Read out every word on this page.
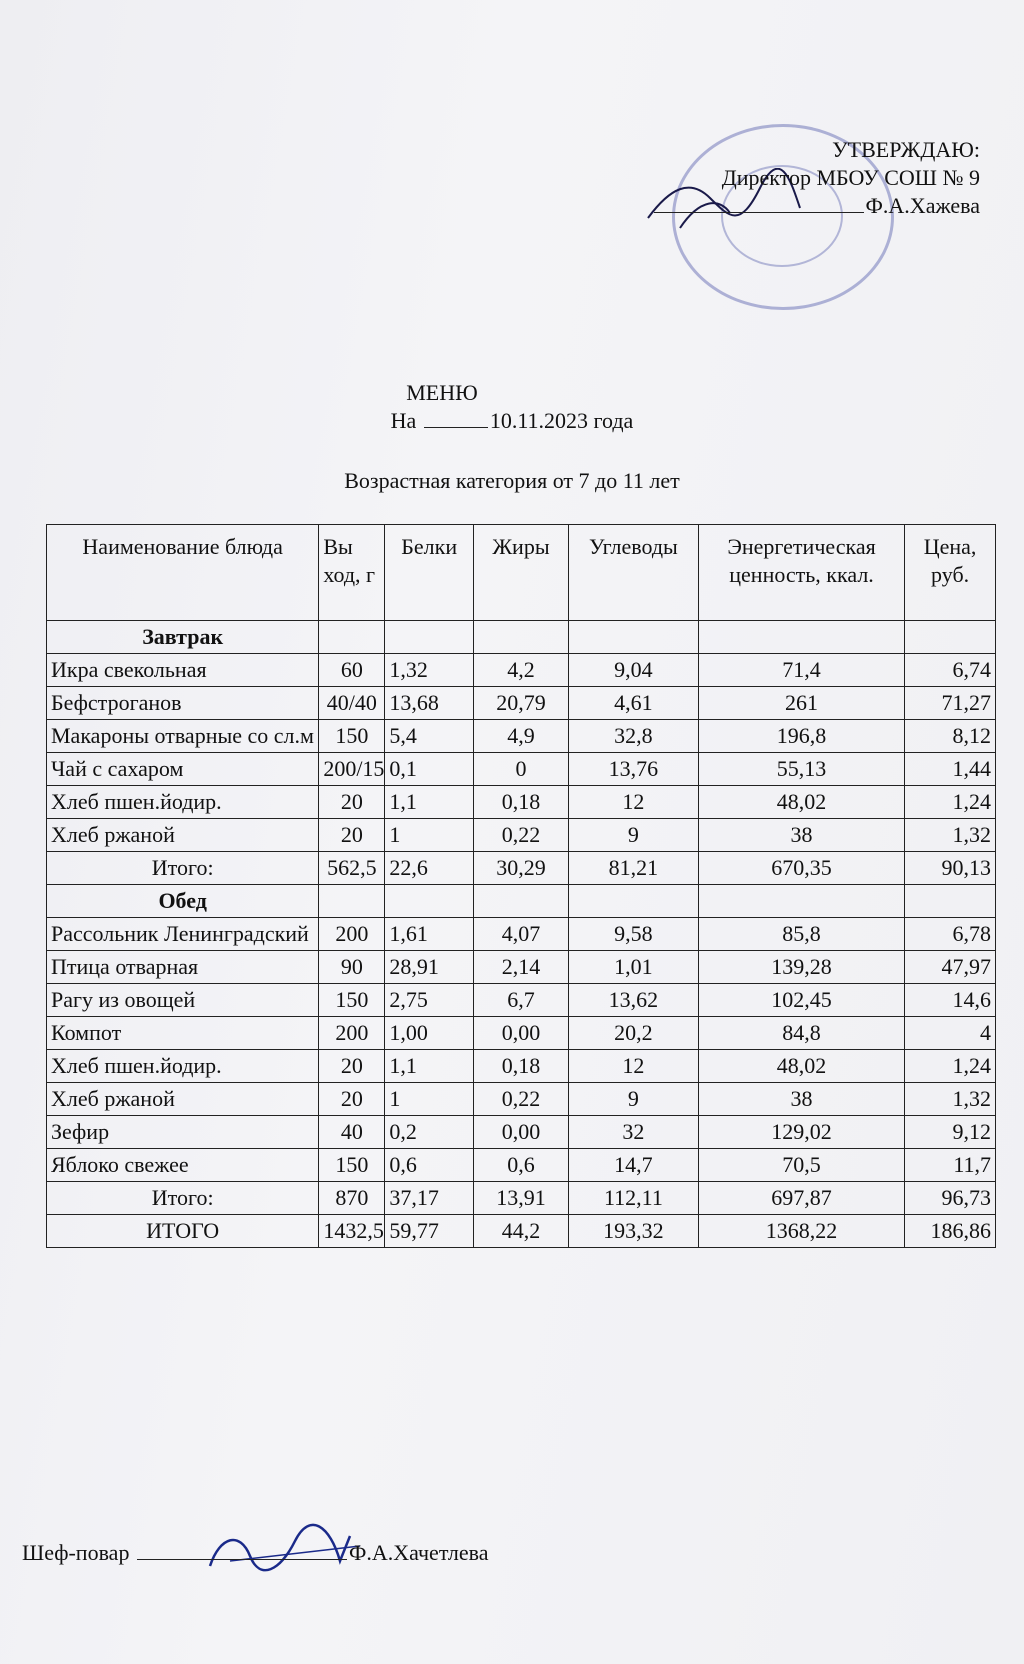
УТВЕРЖДАЮ:
Директор МБОУ СОШ № 9
Ф.А.Хажева
МЕНЮ
На	10.11.2023 года
Возрастная категория от 7 до 11 лет
Наименование блюда	Вы ход, г	Белки	Жиры	Углеводы	Энергетическая ценность, ккал.	Цена, руб.
Завтрак						
Икра свекольная	60	1,32	4,2	9,04	71,4	6,74
Бефстроганов	40/40	13,68	20,79	4,61	261	71,27
Макароны отварные со сл.м	150	5,4	4,9	32,8	196,8	8,12
Чай с сахаром	200/15	0,1	0	13,76	55,13	1,44
Хлеб пшен.йодир.	20	1,1	0,18	12	48,02	1,24
Хлеб ржаной	20	1	0,22	9	38	1,32
Итого:	562,5	22,6	30,29	81,21	670,35	90,13
Обед						
Рассольник Ленинградский	200	1,61	4,07	9,58	85,8	6,78
Птица отварная	90	28,91	2,14	1,01	139,28	47,97
Рагу из овощей	150	2,75	6,7	13,62	102,45	14,6
Компот	200	1,00	0,00	20,2	84,8	4
Хлеб пшен.йодир.	20	1,1	0,18	12	48,02	1,24
Хлеб ржаной	20	1	0,22	9	38	1,32
Зефир	40	0,2	0,00	32	129,02	9,12
Яблоко свежее	150	0,6	0,6	14,7	70,5	11,7
Итого:	870	37,17	13,91	112,11	697,87	96,73
ИТОГО	1432,5	59,77	44,2	193,32	1368,22	186,86
Шеф-повар	Ф.А.Хачетлева
